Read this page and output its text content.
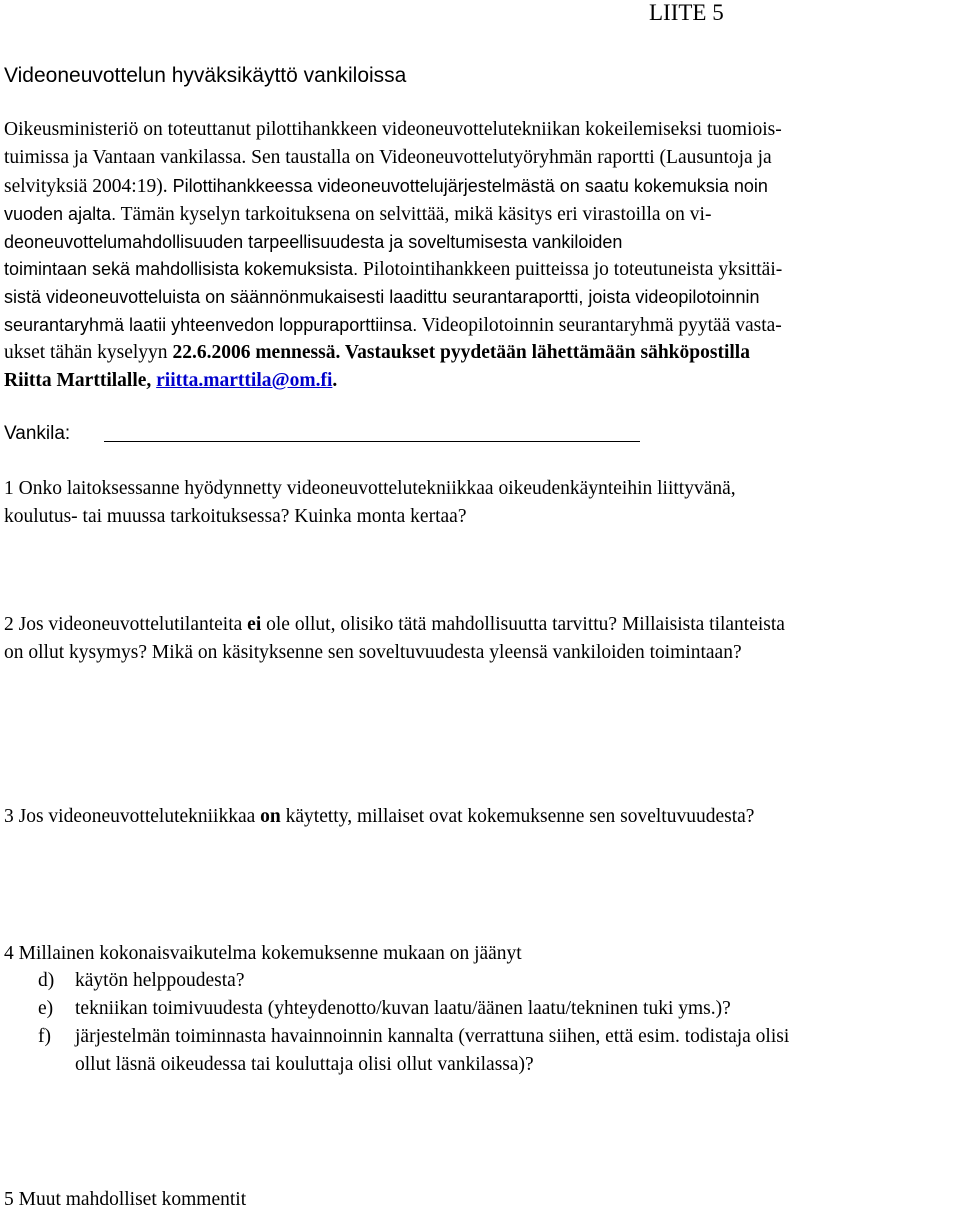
LIITE 5
Videoneuvottelun hyväksikäyttö vankiloissa
Oikeusministeriö on toteuttanut pilottihankkeen videoneuvottelutekniikan kokeilemiseksi tuomiois-
tuimissa ja Vantaan vankilassa. Sen taustalla on Videoneuvottelutyöryhmän raportti (Lausuntoja ja
selvityksiä 2004:19). Pilottihankkeessa videoneuvottelujärjestelmästä on saatu kokemuksia noin
vuoden ajalta. Tämän kyselyn tarkoituksena on selvittää, mikä käsitys eri virastoilla on vi-
deoneuvottelumahdollisuuden tarpeellisuudesta ja soveltumisesta vankiloiden
toimintaan sekä mahdollisista kokemuksista. Pilotointihankkeen puitteissa jo toteutuneista yksittäi-
sistä videoneuvotteluista on säännönmukaisesti laadittu seurantaraportti, joista videopilotoinnin
seurantaryhmä laatii yhteenvedon loppuraporttiinsa. Videopilotoinnin seurantaryhmä pyytää vasta-
ukset tähän kyselyyn 22.6.2006 mennessä. Vastaukset pyydetään lähettämään sähköpostilla
Riitta Marttilalle, riitta.marttila@om.fi.
Vankila:
1 Onko laitoksessanne hyödynnetty videoneuvottelutekniikkaa oikeudenkäynteihin liittyvänä,
koulutus- tai muussa tarkoituksessa? Kuinka monta kertaa?
2 Jos videoneuvottelutilanteita ei ole ollut, olisiko tätä mahdollisuutta tarvittu? Millaisista tilanteista
on ollut kysymys? Mikä on käsityksenne sen soveltuvuudesta yleensä vankiloiden toimintaan?
3 Jos videoneuvottelutekniikkaa on käytetty, millaiset ovat kokemuksenne sen soveltuvuudesta?
4 Millainen kokonaisvaikutelma kokemuksenne mukaan on jäänyt
d) käytön helppoudesta?
e) tekniikan toimivuudesta (yhteydenotto/kuvan laatu/äänen laatu/tekninen tuki yms.)?
f) järjestelmän toiminnasta havainnoinnin kannalta (verrattuna siihen, että esim. todistaja olisi
ollut läsnä oikeudessa tai kouluttaja olisi ollut vankilassa)?
5 Muut mahdolliset kommentit
